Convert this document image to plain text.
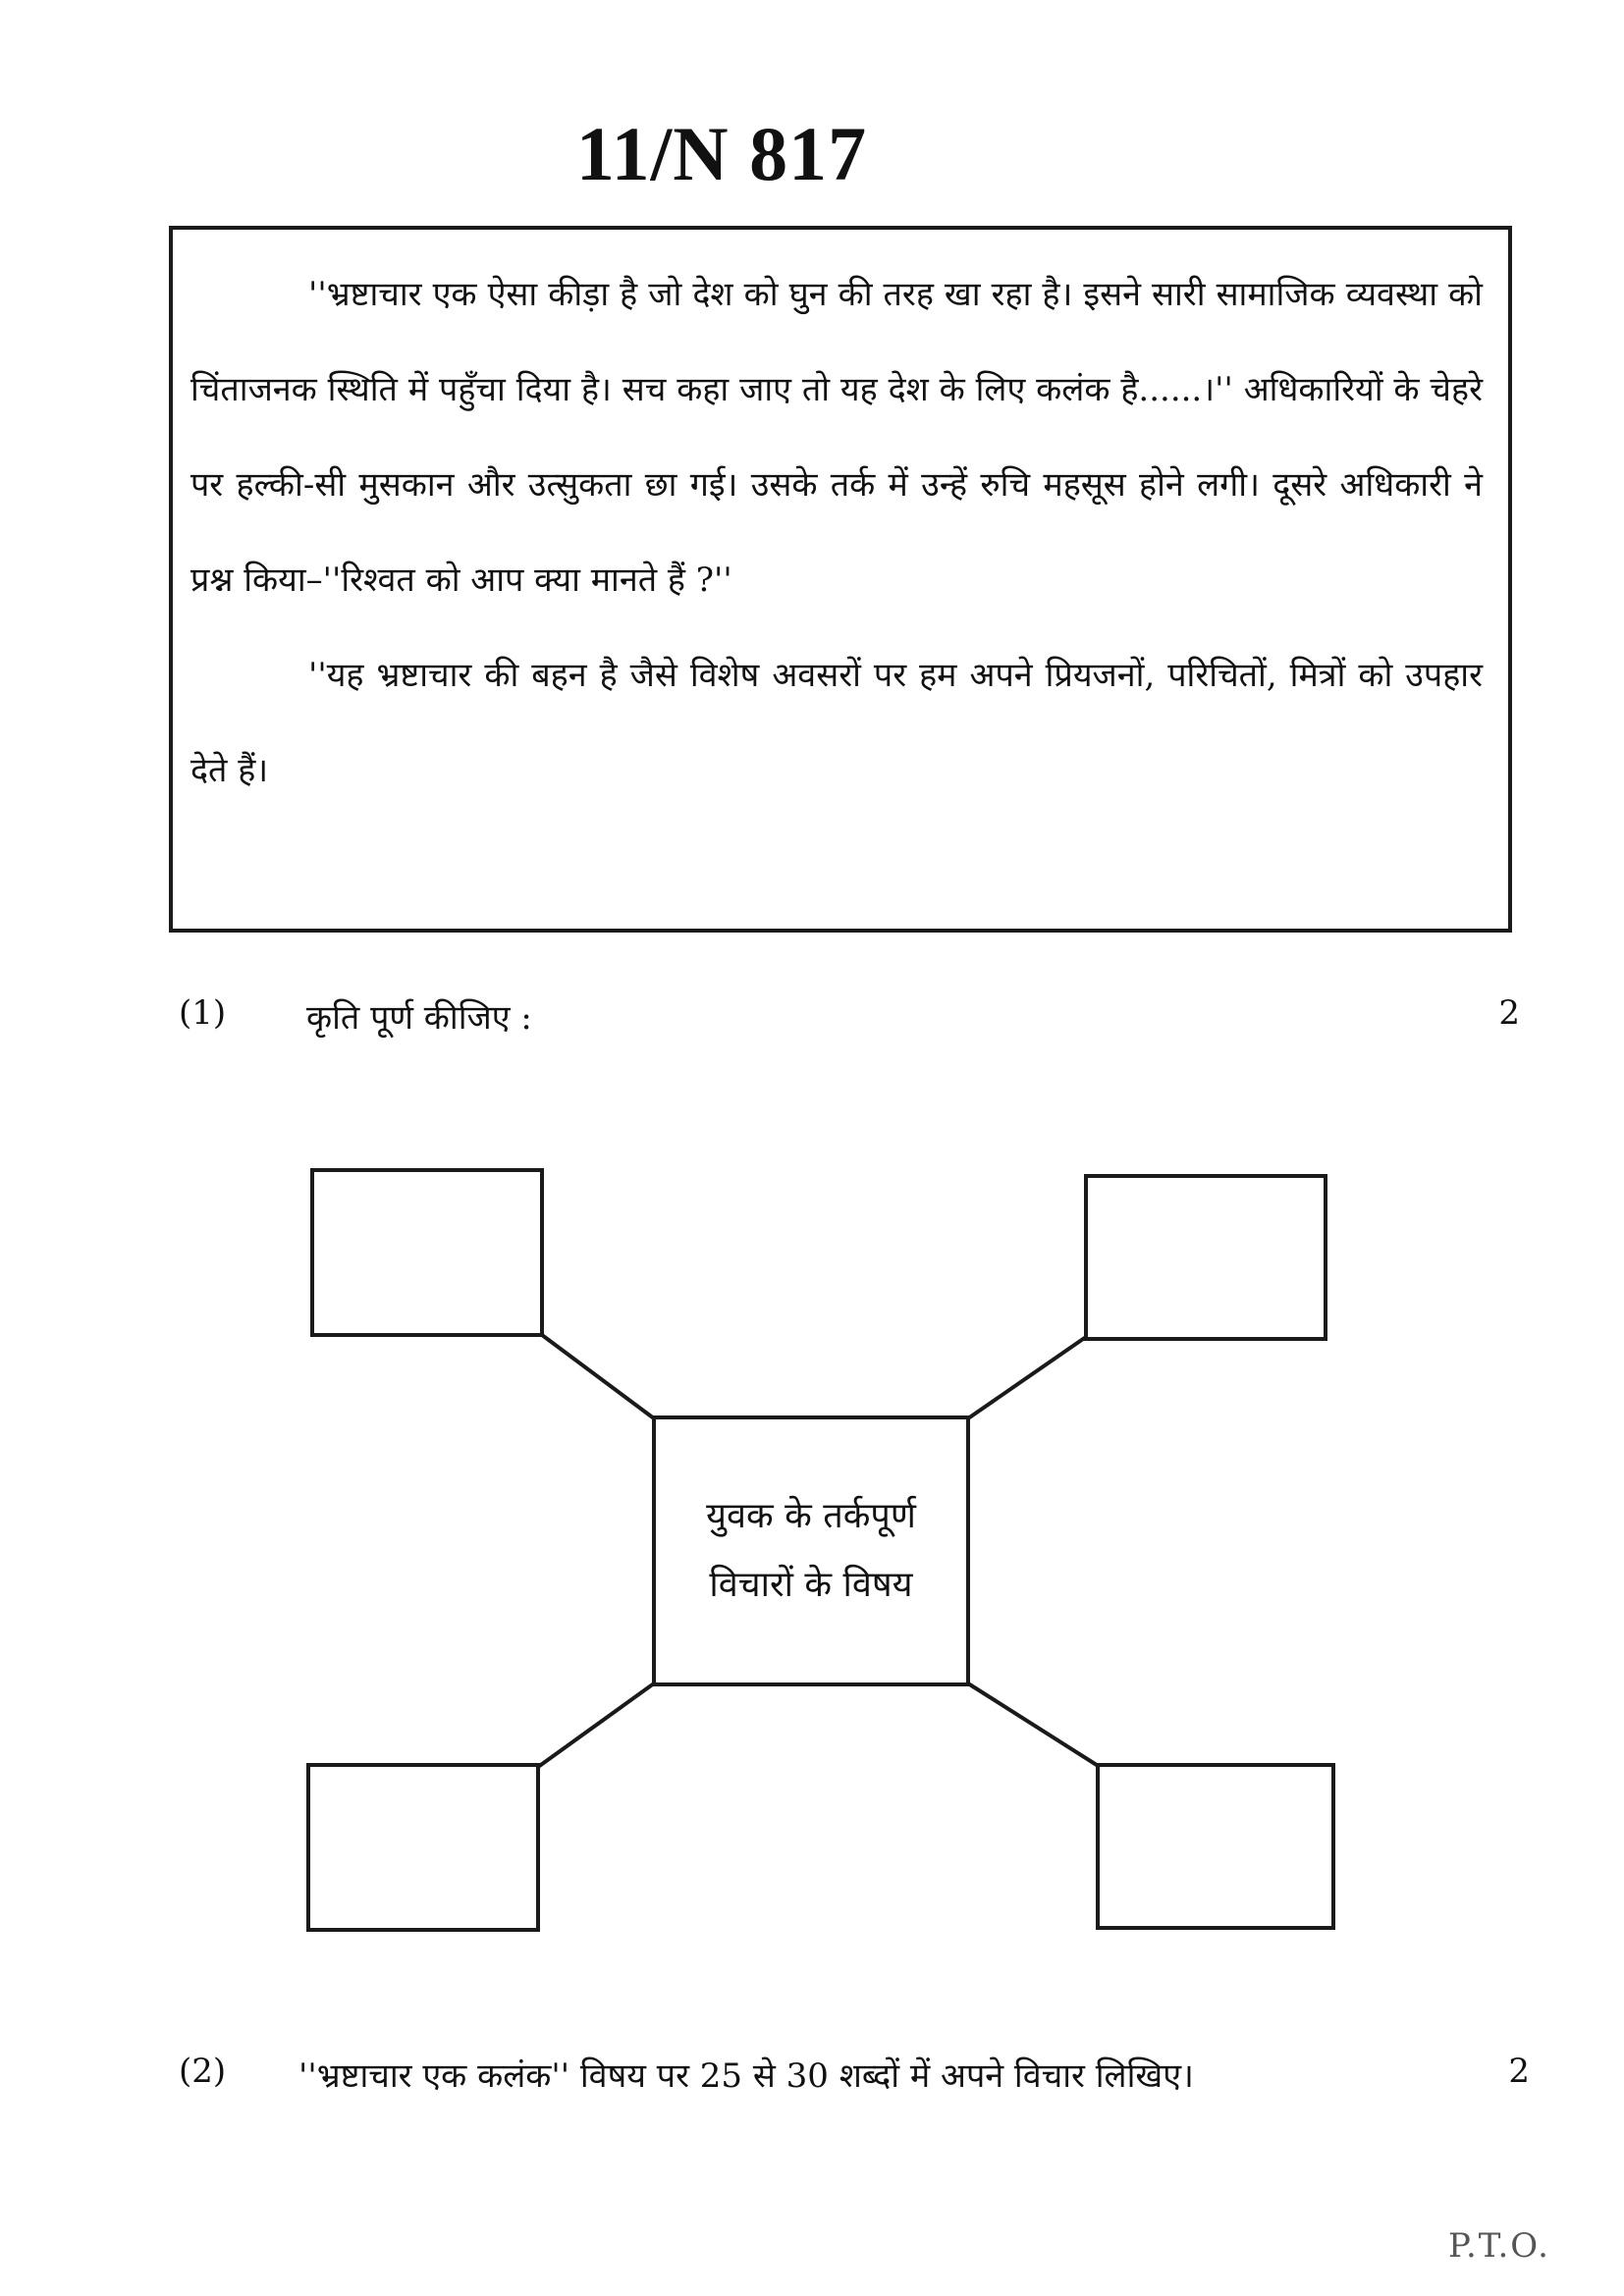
11/N 817

''भ्रष्टाचार एक ऐसा कीड़ा है जो देश को घुन की तरह खा रहा है। इसने सारी सामाजिक व्यवस्था को चिंताजनक स्थिति में पहुँचा दिया है। सच कहा जाए तो यह देश के लिए कलंक है......।'' अधिकारियों के चेहरे पर हल्की-सी मुसकान और उत्सुकता छा गई। उसके तर्क में उन्हें रुचि महसूस होने लगी। दूसरे अधिकारी ने प्रश्न किया–''रिश्वत को आप क्या मानते हैं ?''

''यह भ्रष्टाचार की बहन है जैसे विशेष अवसरों पर हम अपने प्रियजनों, परिचितों, मित्रों को उपहार देते हैं।

(1) कृति पूर्ण कीजिए :	2
युवक के तर्कपूर्ण विचारों के विषय
(2) ''भ्रष्टाचार एक कलंक'' विषय पर 25 से 30 शब्दों में अपने विचार लिखिए।	2
P.T.O.
